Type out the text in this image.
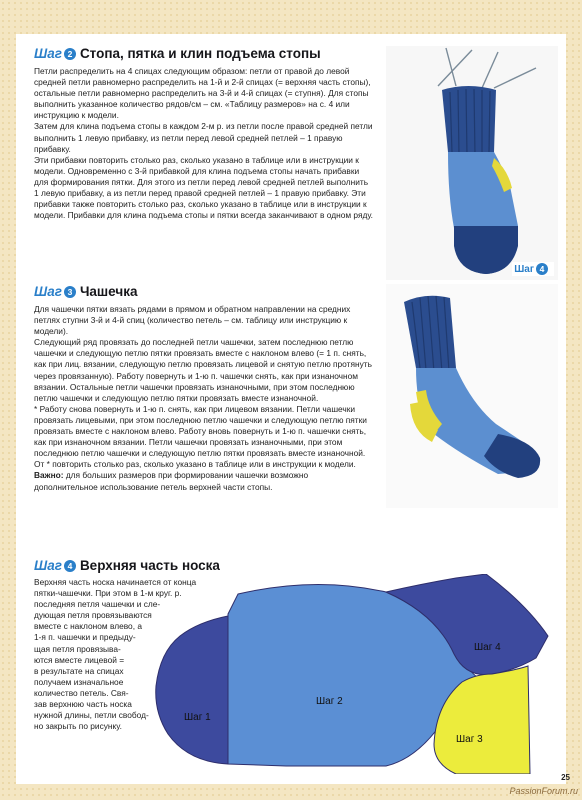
Шаг 2 Стопа, пятка и клин подъема стопы

Петли распределить на 4 спицах следующим образом: петли от правой до левой средней петли равномерно распределить на 1-й и 2-й спицах (= верхняя часть стопы), остальные петли равномерно распределить на 3-й и 4-й спицах (= ступня). Для стопы выполнить указанное количество рядов/см – см. «Таблицу размеров» на с. 4 или инструкцию к модели.

Затем для клина подъема стопы в каждом 2-м р. из петли после правой средней петли выполнить 1 левую прибавку, из петли перед левой средней петлей – 1 правую прибавку.

Эти прибавки повторить столько раз, сколько указано в таблице или в инструкции к модели. Одновременно с 3-й прибавкой для клина подъема стопы начать прибавки для формирования пятки. Для этого из петли перед левой средней петлей выполнить 1 левую прибавку, а из петли перед правой средней петлей – 1 правую прибавку. Эти прибавки также повторить столько раз, сколько указано в таблице или в инструкции к модели. Прибавки для клина подъема стопы и пятки всегда заканчивают в одном ряду.

Шаг 4
Шаг 3 Чашечка

Для чашечки пятки вязать рядами в прямом и обратном направлении на средних петлях ступни 3-й и 4-й спиц (количество петель – см. таблицу или инструкцию к модели).

Следующий ряд провязать до последней петли чашечки, затем последнюю петлю чашечки и следующую петлю пятки провязать вместе с наклоном влево (= 1 п. снять, как при лиц. вязании, следующую петлю провязать лицевой и снятую петлю протянуть через провязанную). Работу повернуть и 1-ю п. чашечки снять, как при изнаночном вязании. Остальные петли чашечки провязать изнаночными, при этом последнюю петлю чашечки и следующую петлю пятки провязать вместе изнаночной.

* Работу снова повернуть и 1-ю п. снять, как при лицевом вязании. Петли чашечки провязать лицевыми, при этом последнюю петлю чашечки и следующую петлю пятки провязать вместе с наклоном влево. Работу вновь повернуть и 1-ю п. чашечки снять, как при изнаночном вязании. Петли чашечки провязать изнаночными, при этом последнюю петлю чашечки и следующую петлю пятки провязать вместе изнаночной. От * повторить столько раз, сколько указано в таблице или в инструкции к модели.

Важно: для больших размеров при формировании чашечки возможно дополнительное использование петель верхней части стопы.

Шаг 4 Верхняя часть носка
Шаг 1
Шаг 2
Шаг 3
Шаг 4
Верхняя часть носка начинается от конца
пятки-чашечки. При этом в 1-м круг. р.

последняя петля чашечки и сле-
дующая петля провязываются
вместе с наклоном влево, а
1-я п. чашечки и предыду-
щая петля провязыва-
ются вместе лицевой =
в результате на спицах
получаем изначальное
количество петель. Свя-
зав верхнюю часть носка
нужной длины, петли свобод-
но закрыть по рисунку.
25
PassionForum.ru
